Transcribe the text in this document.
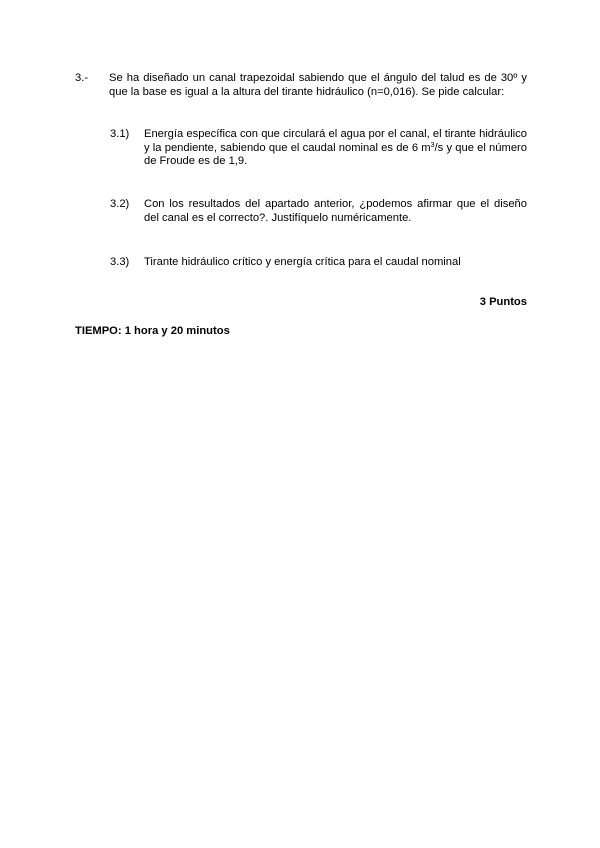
3.- Se ha diseñado un canal trapezoidal sabiendo que el ángulo del talud es de 30º y que la base es igual a la altura del tirante hidráulico (n=0,016). Se pide calcular:
3.1) Energía específica con que circulará el agua por el canal, el tirante hidráulico y la pendiente, sabiendo que el caudal nominal es de 6 $m^3/s$ y que el número de Froude es de 1,9.
3.2) Con los resultados del apartado anterior, ¿podemos afirmar que el diseño del canal es el correcto?. Justifíquelo numéricamente.
3.3) Tirante hidráulico crítico y energía crítica para el caudal nominal
3 Puntos
TIEMPO: 1 hora y 20 minutos
